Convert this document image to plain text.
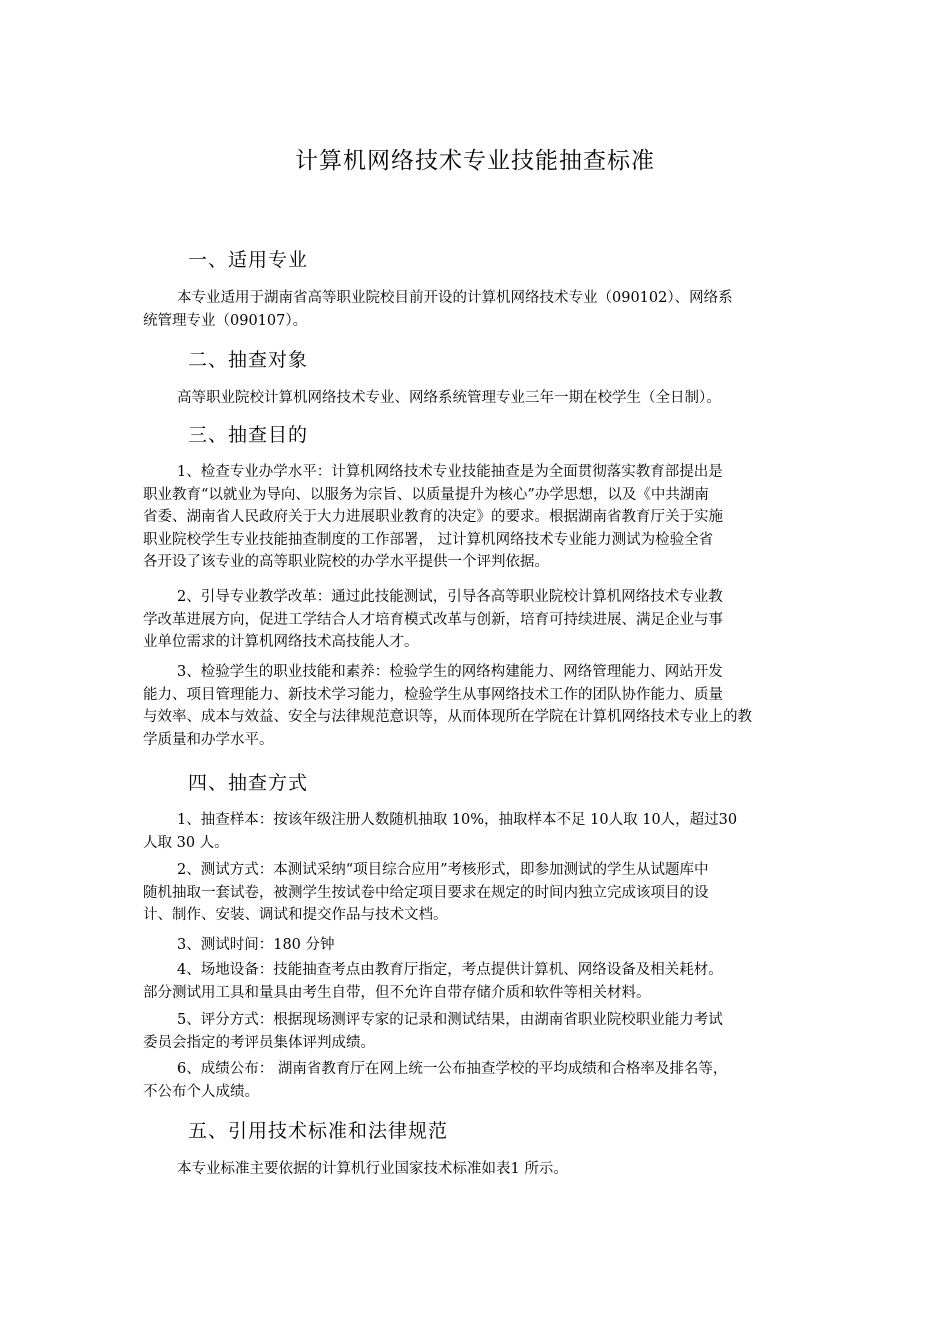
计算机网络技术专业技能抽查标准
一、适用专业
本专业适用于湖南省高等职业院校目前开设的计算机网络技术专业（090102）、网络系
统管理专业（090107）。
二、抽查对象
高等职业院校计算机网络技术专业、网络系统管理专业三年一期在校学生（全日制）。
三、抽查目的
1、检查专业办学水平：计算机网络技术专业技能抽查是为全面贯彻落实教育部提出是
职业教育“以就业为导向、以服务为宗旨、以质量提升为核心”办学思想，以及《中共湖南
省委、湖南省人民政府关于大力进展职业教育的决定》的要求。根据湖南省教育厅关于实施
职业院校学生专业技能抽查制度的工作部署， 过计算机网络技术专业能力测试为检验全省
各开设了该专业的高等职业院校的办学水平提供一个评判依据。
2、引导专业教学改革：通过此技能测试，引导各高等职业院校计算机网络技术专业教
学改革进展方向，促进工学结合人才培育模式改革与创新，培育可持续进展、满足企业与事
业单位需求的计算机网络技术高技能人才。
3、检验学生的职业技能和素养：检验学生的网络构建能力、网络管理能力、网站开发
能力、项目管理能力、新技术学习能力，检验学生从事网络技术工作的团队协作能力、质量
与效率、成本与效益、安全与法律规范意识等，从而体现所在学院在计算机网络技术专业上的教
学质量和办学水平。
四、抽查方式
1、抽查样本：按该年级注册人数随机抽取 10%，抽取样本不足 10人取 10人，超过30
人取 30 人。
2、测试方式：本测试采纳“项目综合应用”考核形式，即参加测试的学生从试题库中
随机抽取一套试卷，被测学生按试卷中给定项目要求在规定的时间内独立完成该项目的设
计、制作、安装、调试和提交作品与技术文档。
3、测试时间：180 分钟
4、场地设备：技能抽查考点由教育厅指定，考点提供计算机、网络设备及相关耗材。
部分测试用工具和量具由考生自带，但不允许自带存储介质和软件等相关材料。
5、评分方式：根据现场测评专家的记录和测试结果，由湖南省职业院校职业能力考试
委员会指定的考评员集体评判成绩。
6、成绩公布： 湖南省教育厅在网上统一公布抽查学校的平均成绩和合格率及排名等，
不公布个人成绩。
五、引用技术标准和法律规范
本专业标准主要依据的计算机行业国家技术标准如表1 所示。
